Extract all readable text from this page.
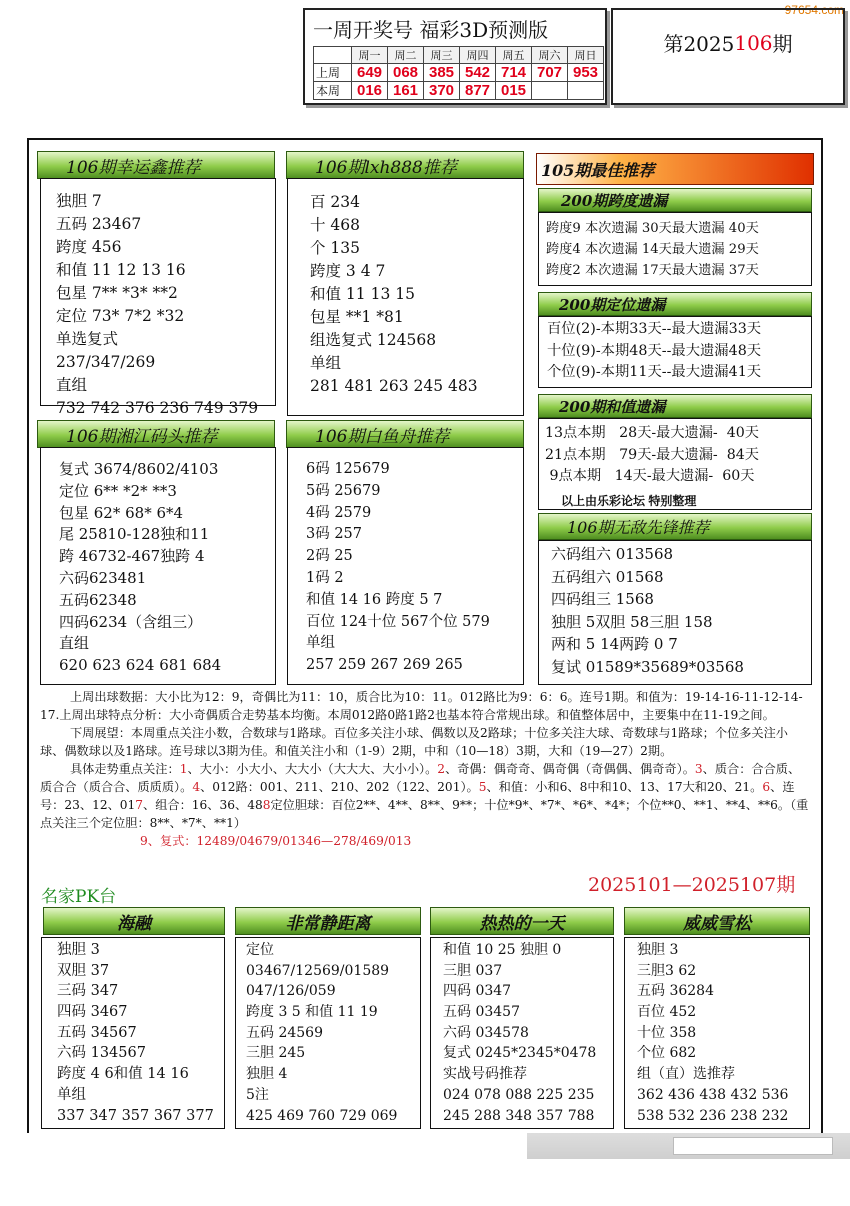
97654.com
一周开奖号 福彩3D预测版
	周一	周二	周三	周四	周五	周六	周日
上周	649	068	385	542	714	707	953
本周	016	161	370	877	015		
第2025 106 期
106期幸运鑫推荐
独胆 7
五码 23467
跨度 456
和值 11 12 13 16
包星 7** *3* **2
定位 73* 7*2 *32
单选复式
237/347/269
直组
732 742 376 236 749 379
106期lxh888推荐
百 234
十 468
个 135
跨度 3 4 7
和值 11 13 15
包星 **1 *81
组选复式 124568
单组
281 481 263 245 483
106期湘江码头推荐
复式 3674/8602/4103
定位 6** *2* **3
包星 62* 68* 6*4
尾 25810-128独和11
跨 46732-467独跨 4
六码623481
五码62348
四码6234（含组三）
直组
620 623 624 681 684
106期白鱼舟推荐
6码 125679
5码 25679
4码 2579
3码 257
2码 25
1码 2
和值 14 16 跨度 5 7
百位 124十位 567个位 579
单组
257 259 267 269 265
105期最佳推荐
200期跨度遗漏
跨度9 本次遗漏 30天最大遗漏 40天
跨度4 本次遗漏 14天最大遗漏 29天
跨度2 本次遗漏 17天最大遗漏 37天
200期定位遗漏
百位(2)-本期33天--最大遗漏33天
十位(9)-本期48天--最大遗漏48天
个位(9)-本期11天--最大遗漏41天
200期和值遗漏
13点本期   28天-最大遗漏-  40天
21点本期   79天-最大遗漏-  84天
9点本期   14天-最大遗漏-  60天
以上由乐彩论坛 特别整理
106期无敌先锋推荐
六码组六 013568
五码组六 01568
四码组三 1568
独胆 5双胆 58三胆 158
两和 5 14两跨 0 7
复试 01589*35689*03568

上周出球数据：大小比为12：9，奇偶比为11：10，质合比为10：11。012路比为9：6：6。连号1期。和值为：19-14-16-11-12-14-17.上周出球特点分析：大小奇偶质合走势基本均衡。本周012路0路1路2也基本符合常规出球。和值整体居中，主要集中在11-19之间。

下周展望：本周重点关注小数，合数球与1路球。百位多关注小球、偶数以及2路球；十位多关注大球、奇数球与1路球；个位多关注小球、偶数球以及1路球。连号球以3期为佳。和值关注小和（1-9）2期，中和（10—18）3期，大和（19—27）2期。

具体走势重点关注：1、大小：小大小、大大小（大大大、大小小）。2、奇偶：偶奇奇、偶奇偶（奇偶偶、偶奇奇）。3、质合：合合质、质合合（质合合、质质质）。4、012路：001、211、210、202（122、201）。5、和值：小和6、8中和10、13、17大和20、21。6、连号：23、12、017、组合：16、36、488定位胆球：百位2**、4**、8**、9**；十位*9*、*7*、*6*、*4*；个位**0、**1、**4、**6。（重点关注三个定位胆：8**、*7*、**1）

9、复式：12489/04679/01346—278/469/013

名家PK台
2025101—2025107期
海融
独胆 3
双胆 37
三码 347
四码 3467
五码 34567
六码 134567
跨度 4 6和值 14 16
单组
337 347 357 367 377
非常静距离
定位
03467/12569/01589
047/126/059
跨度 3 5 和值 11 19
五码 24569
三胆 245
独胆 4
5注
425 469 760 729 069
热热的一天
和值 10 25 独胆 0
三胆 037
四码 0347
五码 03457
六码 034578
复式 0245*2345*0478
实战号码推荐
024 078 088 225 235
245 288 348 357 788
威威雪松
独胆 3
三胆3 62
五码 36284
百位 452
十位 358
个位 682
组（直）选推荐
362 436 438 432 536
538 532 236 238 232
